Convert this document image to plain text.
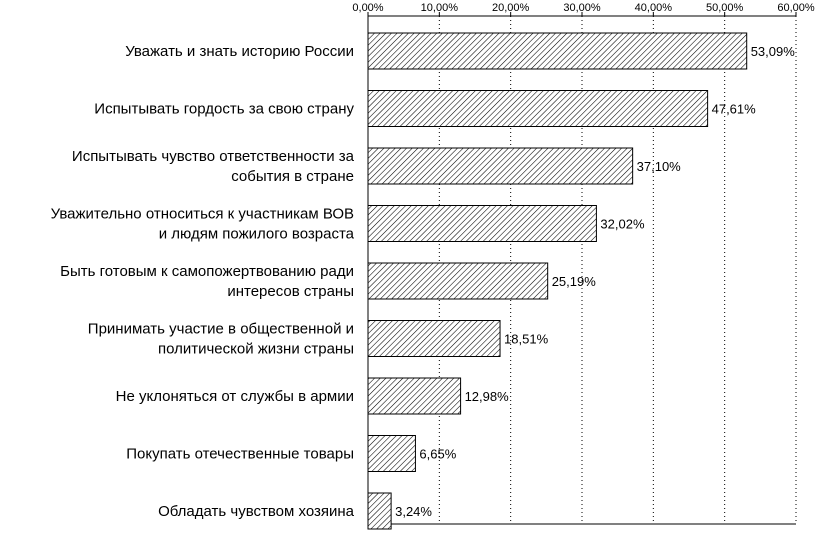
0,00%	10,00%	20,00%	30,00%	40,00%	50,00%	60,00%
53,09%
Уважать и знать историю России
47,61%
Испытывать гордость за свою страну
37,10%
Испытывать чувство ответственности за
события в стране
32,02%
Уважительно относиться к участникам ВОВ
и людям пожилого возраста
25,19%
Быть готовым к самопожертвованию ради
интересов страны
18,51%
Принимать участие в общественной и
политической жизни страны
12,98%
Не уклоняться от службы в армии
6,65%
Покупать отечественные товары
3,24%
Обладать чувством хозяина
